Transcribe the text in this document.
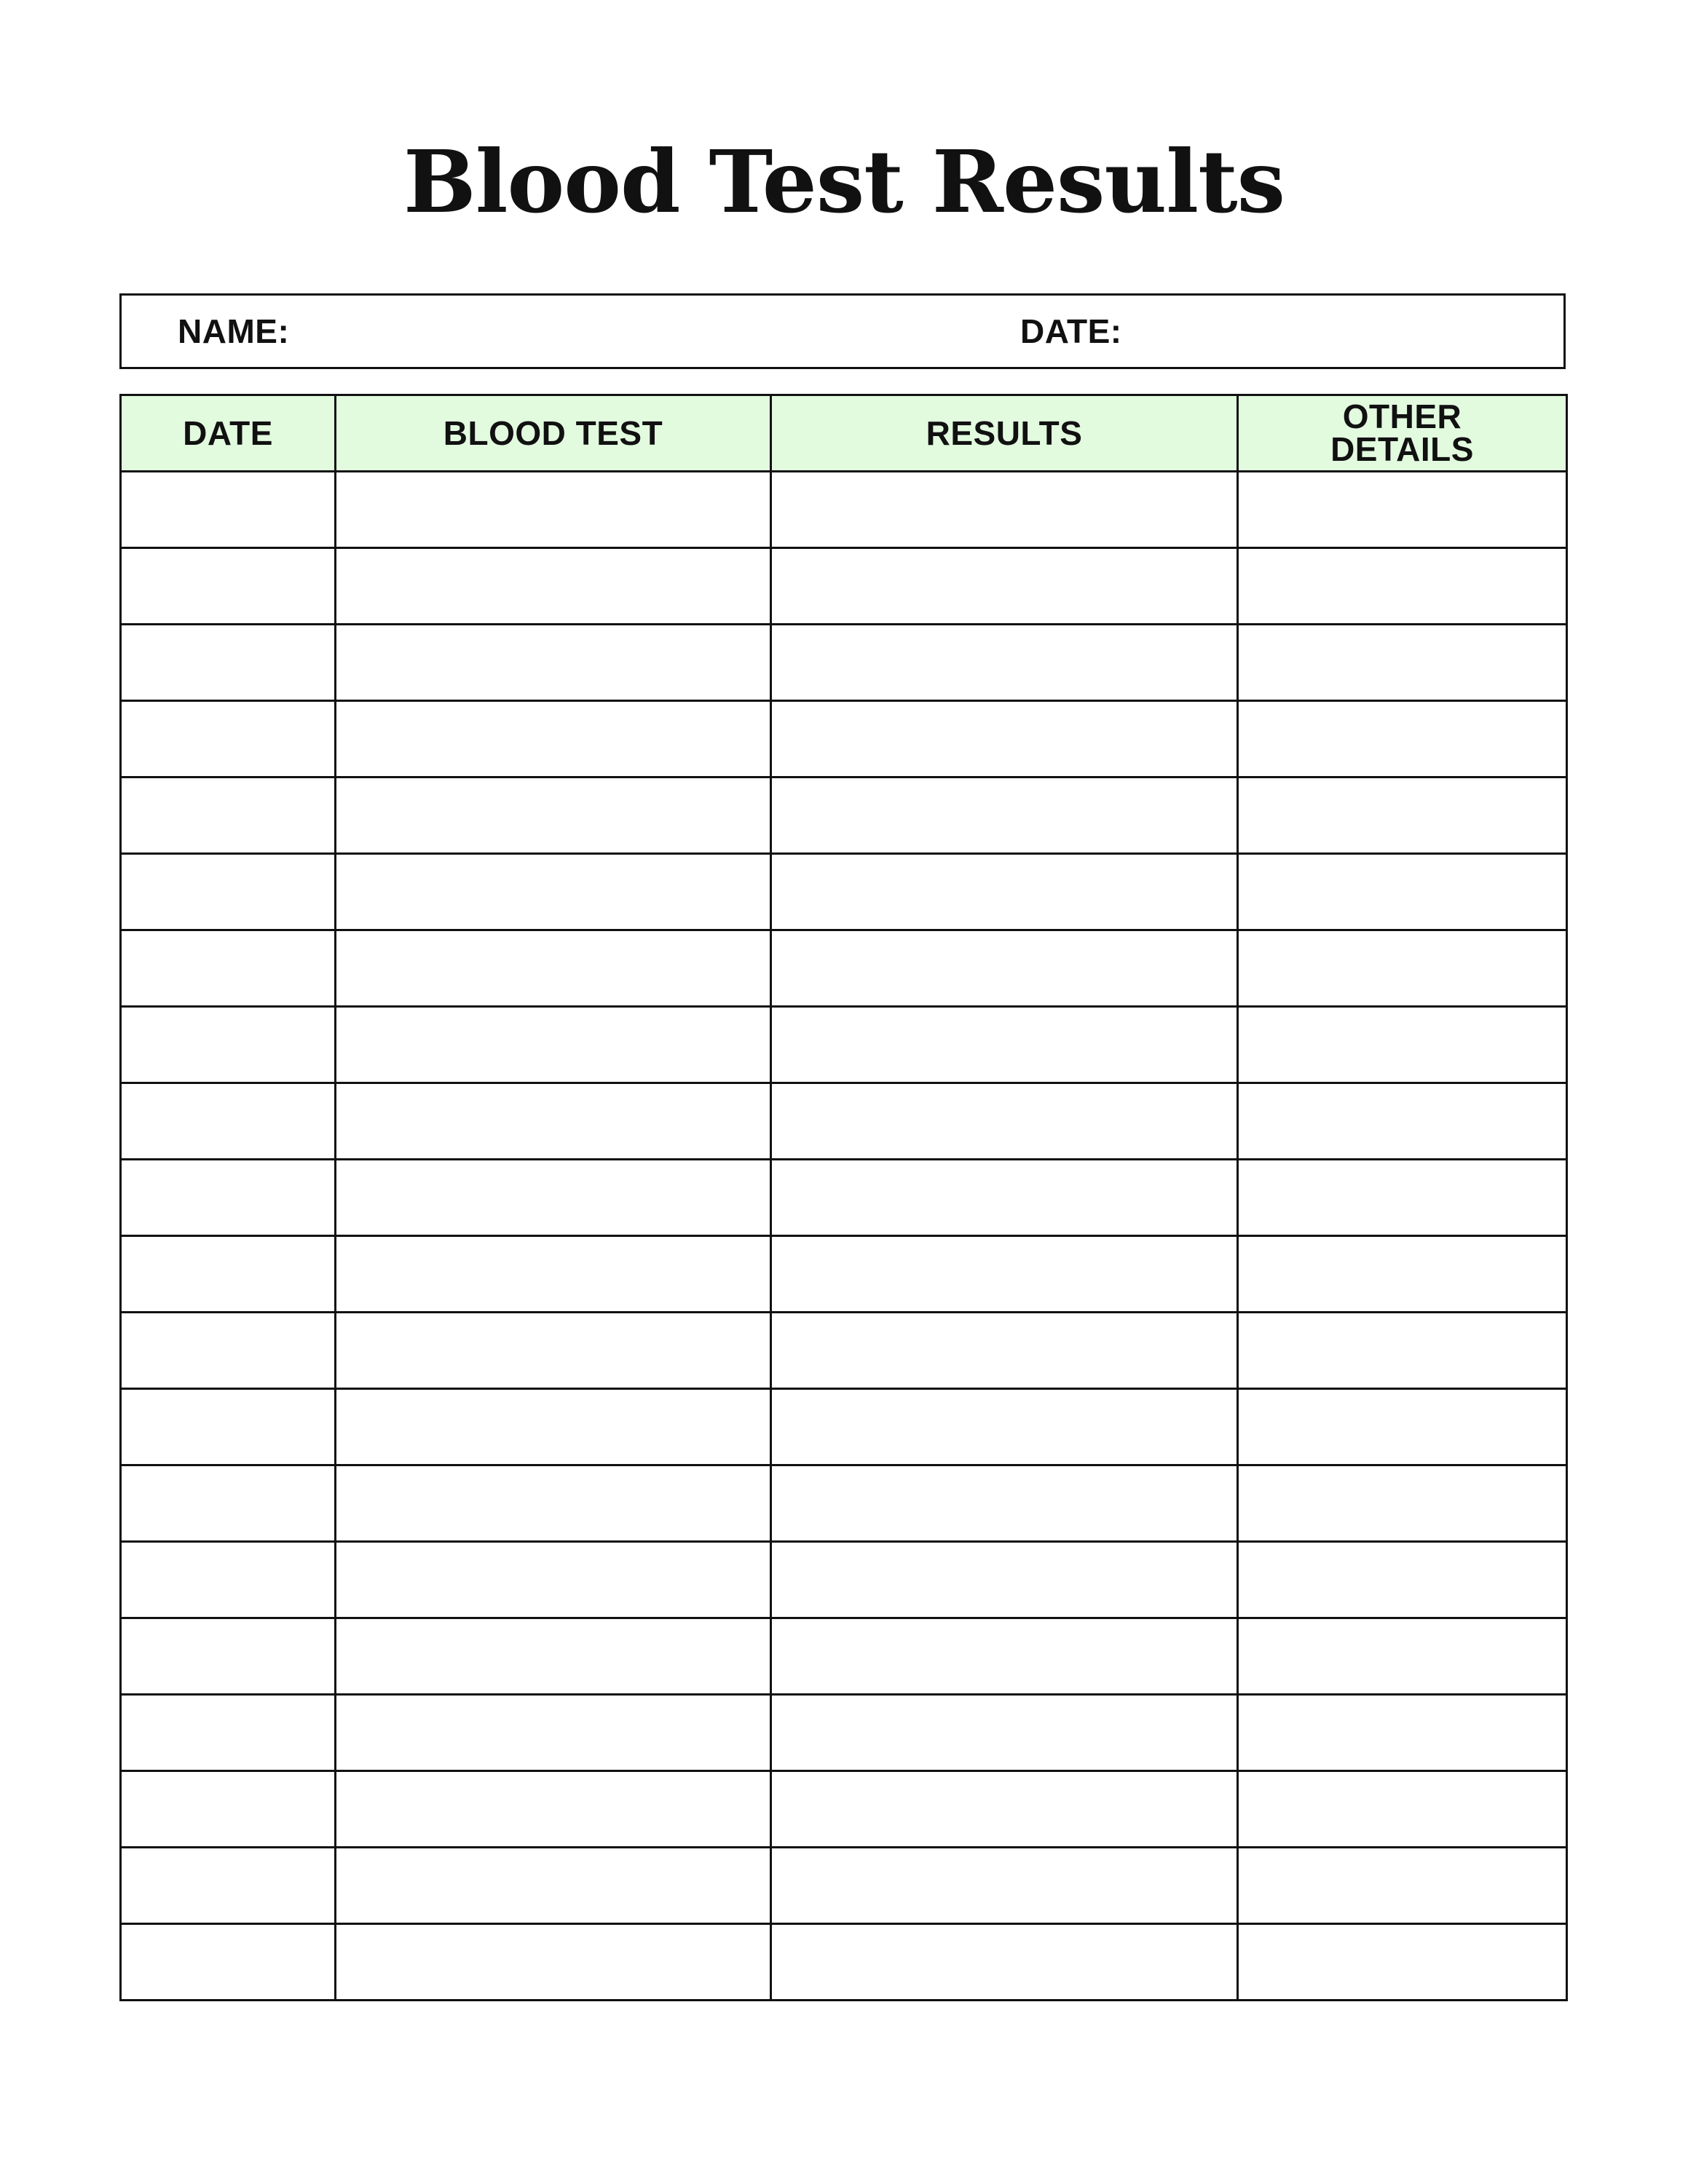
Blood Test Results
NAME:	DATE:
DATE	BLOOD TEST	RESULTS	OTHER
DETAILS
